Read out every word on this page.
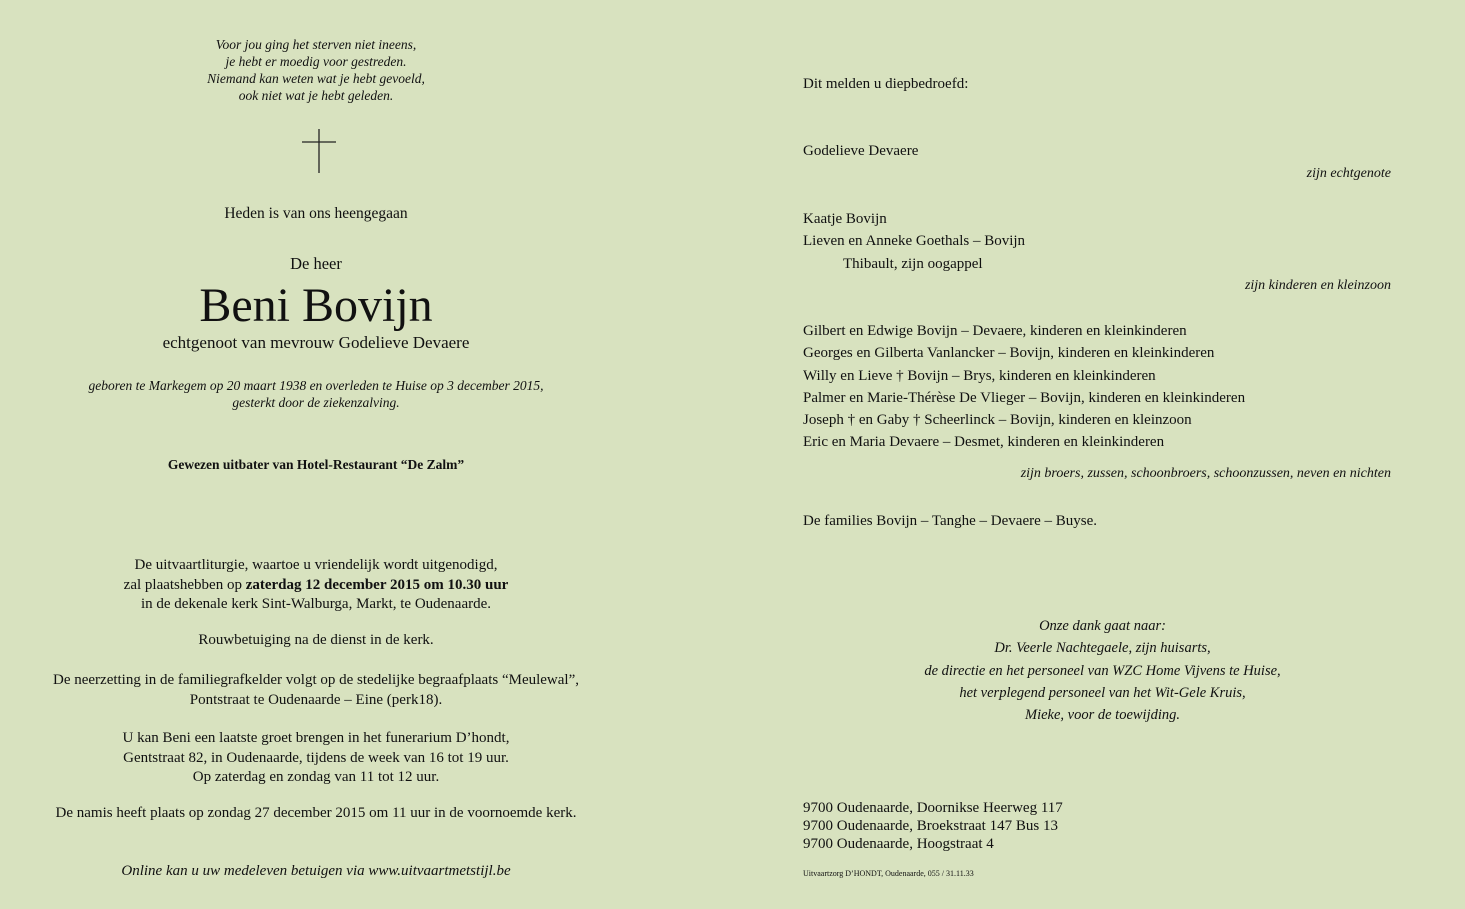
Voor jou ging het sterven niet ineens,
je hebt er moedig voor gestreden.
Niemand kan weten wat je hebt gevoeld,
ook niet wat je hebt geleden.
Heden is van ons heengegaan
De heer
Beni Bovijn
echtgenoot van mevrouw Godelieve Devaere
geboren te Markegem op 20 maart 1938 en overleden te Huise op 3 december 2015,
gesterkt door de ziekenzalving.
Gewezen uitbater van Hotel-Restaurant “De Zalm”
De uitvaartliturgie, waartoe u vriendelijk wordt uitgenodigd,
zal plaatshebben op zaterdag 12 december 2015 om 10.30 uur
in de dekenale kerk Sint-Walburga, Markt, te Oudenaarde.
Rouwbetuiging na de dienst in de kerk.
De neerzetting in de familiegrafkelder volgt op de stedelijke begraafplaats “Meulewal”,
Pontstraat te Oudenaarde – Eine (perk18).
U kan Beni een laatste groet brengen in het funerarium D’hondt,
Gentstraat 82, in Oudenaarde, tijdens de week van 16 tot 19 uur.
Op zaterdag en zondag van 11 tot 12 uur.
De namis heeft plaats op zondag 27 december 2015 om 11 uur in de voornoemde kerk.
Online kan u uw medeleven betuigen via www.uitvaartmetstijl.be
Dit melden u diepbedroefd:
Godelieve Devaere
zijn echtgenote
Kaatje Bovijn
Lieven en Anneke Goethals – Bovijn
Thibault, zijn oogappel
zijn kinderen en kleinzoon
Gilbert en Edwige Bovijn – Devaere, kinderen en kleinkinderen
Georges en Gilberta Vanlancker – Bovijn, kinderen en kleinkinderen
Willy en Lieve † Bovijn – Brys, kinderen en kleinkinderen
Palmer en Marie-Thérèse De Vlieger – Bovijn, kinderen en kleinkinderen
Joseph † en Gaby † Scheerlinck – Bovijn, kinderen en kleinzoon
Eric en Maria Devaere – Desmet, kinderen en kleinkinderen
zijn broers, zussen, schoonbroers, schoonzussen, neven en nichten
De families Bovijn – Tanghe – Devaere – Buyse.
Onze dank gaat naar:
Dr. Veerle Nachtegaele, zijn huisarts,
de directie en het personeel van WZC Home Vijvens te Huise,
het verplegend personeel van het Wit-Gele Kruis,
Mieke, voor de toewijding.
9700 Oudenaarde, Doornikse Heerweg 117
9700 Oudenaarde, Broekstraat 147 Bus 13
9700 Oudenaarde, Hoogstraat 4
Uitvaartzorg D’HONDT, Oudenaarde, 055 / 31.11.33
